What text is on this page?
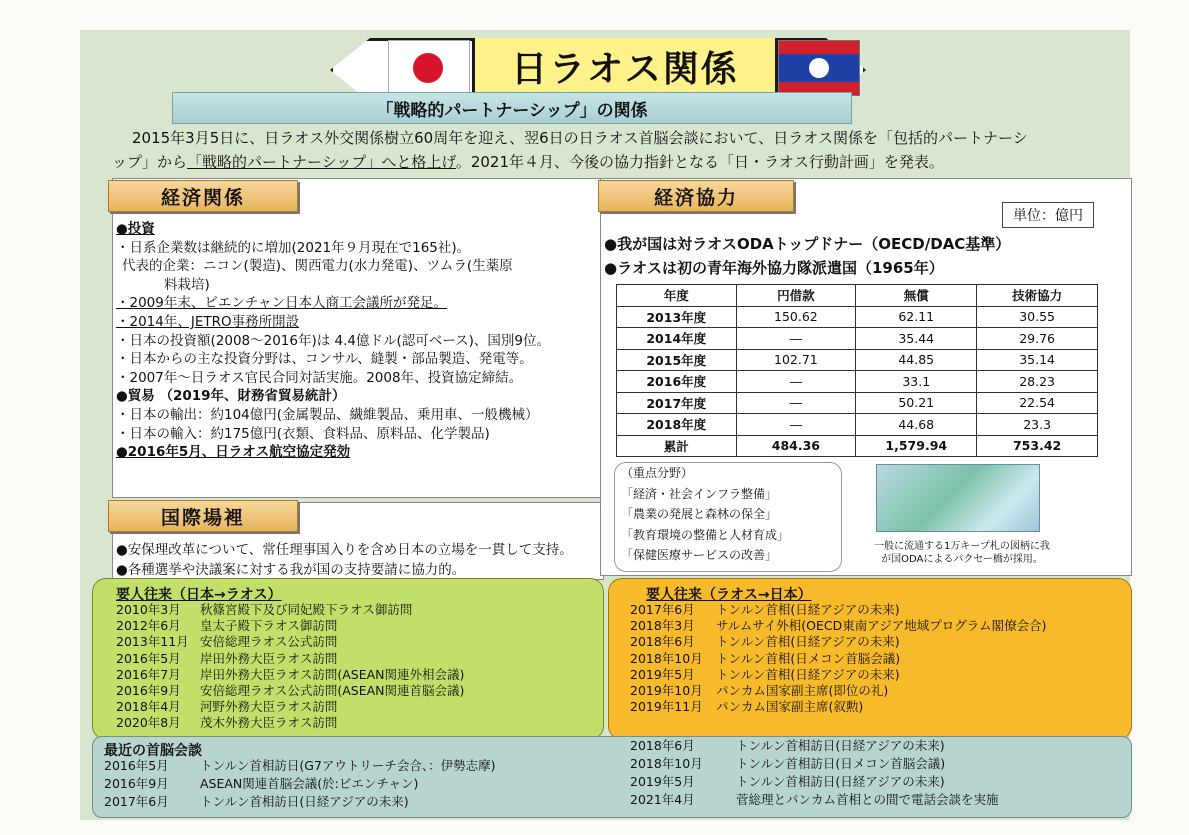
日ラオス関係
「戦略的パートナーシップ」の関係
2015年3月5日に、日ラオス外交関係樹立60周年を迎え、翌6日の日ラオス首脳会談において、日ラオス関係を「包括的パートナーシップ」から「戦略的パートナーシップ」へと格上げ。2021年４月、今後の協力指針となる「日・ラオス行動計画」を発表。
経済関係
●投資
・日系企業数は継続的に増加(2021年９月現在で165社)。
代表的企業：ニコン(製造)、関西電力(水力発電)、ツムラ(生薬原
料栽培)
・2009年末、ビエンチャン日本人商工会議所が発足。
・2014年、JETRO事務所開設
・日本の投資額(2008～2016年)は 4.4億ドル(認可ベース)、国別9位。
・日本からの主な投資分野は、コンサル、縫製・部品製造、発電等。
・2007年～日ラオス官民合同対話実施。2008年、投資協定締結。
●貿易 （2019年、財務省貿易統計）
・日本の輸出：約104億円(金属製品、繊維製品、乗用車、一般機械）
・日本の輸入：約175億円(衣類、食料品、原料品、化学製品)
●2016年5月、日ラオス航空協定発効
国際場裡
●安保理改革について、常任理事国入りを含め日本の立場を一貫して支持。
●各種選挙や決議案に対する我が国の支持要請に協力的。
経済協力
単位：億円
●我が国は対ラオスODAトップドナー（OECD/DAC基準）
●ラオスは初の青年海外協力隊派遣国（1965年）
年度	円借款	無償	技術協力
2013年度	150.62	62.11	30.55
2014年度	―	35.44	29.76
2015年度	102.71	44.85	35.14
2016年度	―	33.1	28.23
2017年度	―	50.21	22.54
2018年度	―	44.68	23.3
累計	484.36	1,579.94	753.42
（重点分野）
「経済・社会インフラ整備」
「農業の発展と森林の保全」
「教育環境の整備と人材育成」
「保健医療サービスの改善」
一般に流通する1万キープ札の図柄に我が国ODAによるパクセー橋が採用。
要人往来（日本→ラオス）
2010年3月 秋篠宮殿下及び同妃殿下ラオス御訪問
2012年6月 皇太子殿下ラオス御訪問
2013年11月 安倍総理ラオス公式訪問
2016年5月 岸田外務大臣ラオス訪問
2016年7月 岸田外務大臣ラオス訪問(ASEAN関連外相会議)
2016年9月 安倍総理ラオス公式訪問(ASEAN関連首脳会議)
2018年4月 河野外務大臣ラオス訪問
2020年8月 茂木外務大臣ラオス訪問
要人往来（ラオス→日本）
2017年6月 トンルン首相(日経アジアの未来)
2018年3月 サルムサイ外相(OECD東南アジア地域プログラム閣僚会合)
2018年6月 トンルン首相(日経アジアの未来)
2018年10月 トンルン首相(日メコン首脳会議)
2019年5月 トンルン首相(日経アジアの未来)
2019年10月 パンカム国家副主席(即位の礼)
2019年11月 パンカム国家副主席(叙勲)
最近の首脳会談
2016年5月 トンルン首相訪日(G7アウトリーチ会合、：伊勢志摩)
2016年9月 ASEAN関連首脳会議(於:ビエンチャン)
2017年6月 トンルン首相訪日(日経アジアの未来)
2018年6月	トンルン首相訪日(日経アジアの未来)
2018年10月	トンルン首相訪日(日メコン首脳会議)
2019年5月	トンルン首相訪日(日経アジアの未来)
2021年4月	菅総理とパンカム首相との間で電話会談を実施
